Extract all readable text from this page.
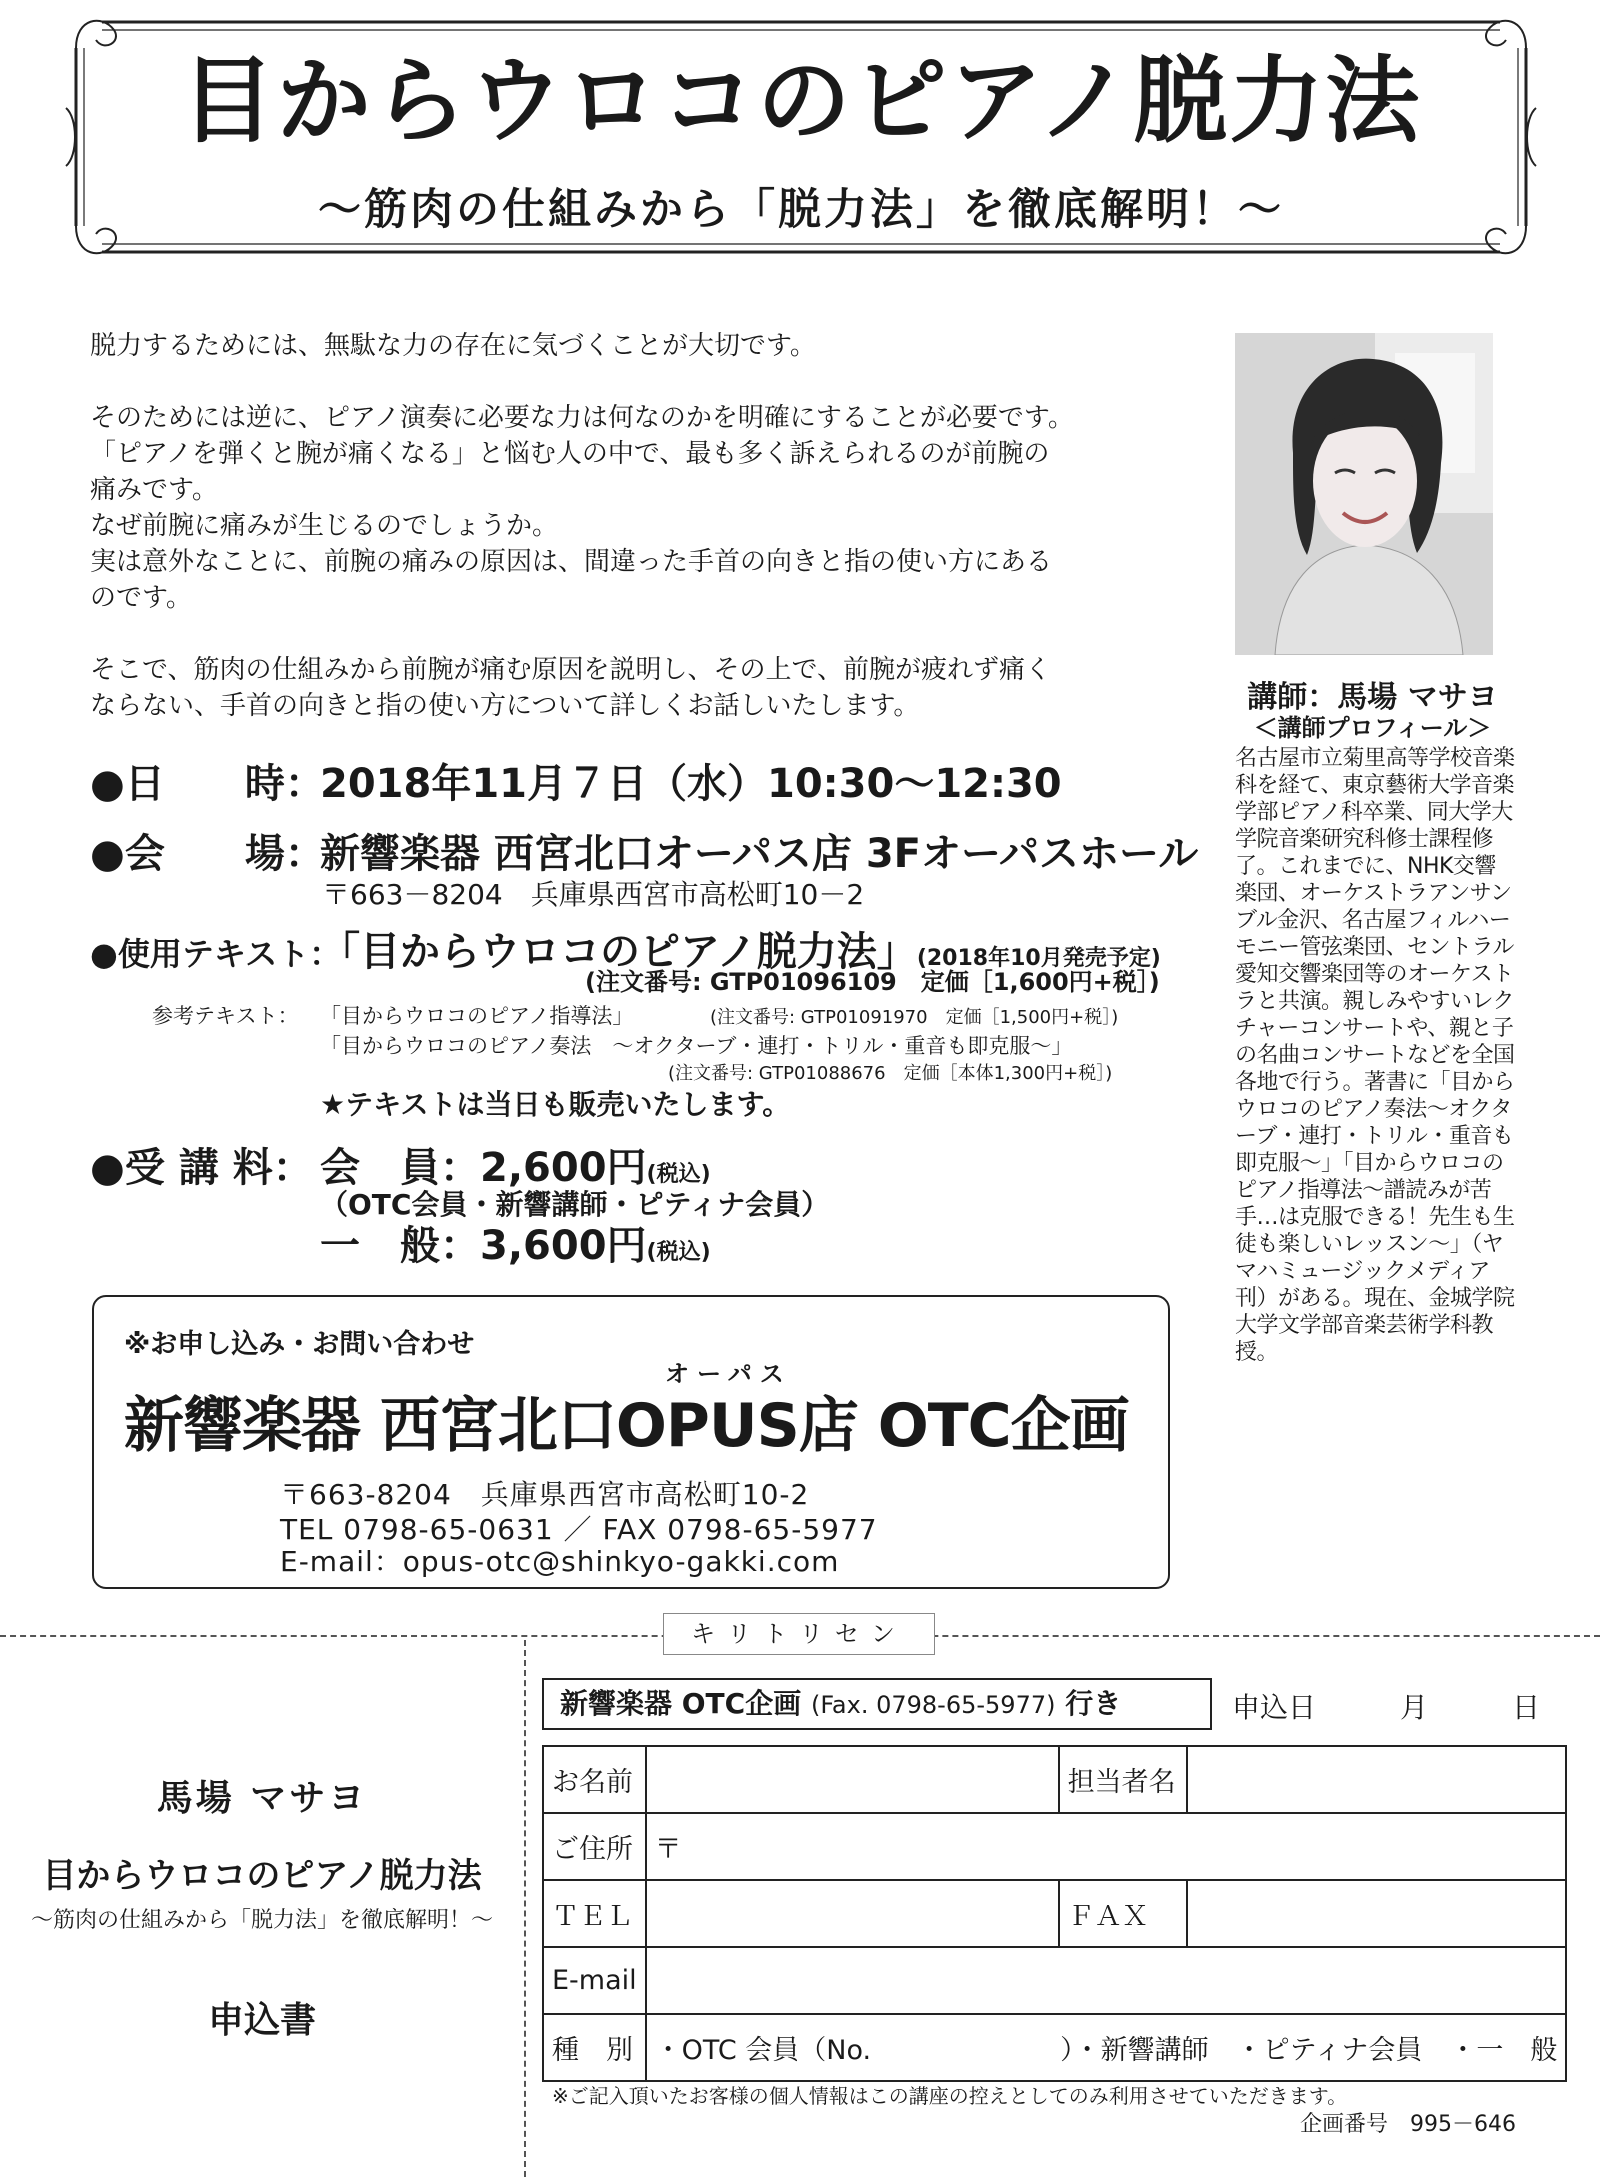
目からウロコのピアノ脱力法
～筋肉の仕組みから「脱力法」を徹底解明！～

脱力するためには、無駄な力の存在に気づくことが大切です。

そのためには逆に、ピアノ演奏に必要な力は何なのかを明確にすることが必要です。
「ピアノを弾くと腕が痛くなる」と悩む人の中で、最も多く訴えられるのが前腕の
痛みです。
なぜ前腕に痛みが生じるのでしょうか。
実は意外なことに、前腕の痛みの原因は、間違った手首の向きと指の使い方にある
のです。

そこで、筋肉の仕組みから前腕が痛む原因を説明し、その上で、前腕が疲れず痛く
ならない、手首の向きと指の使い方について詳しくお話しいたします。

●日　　時：2018年11月７日（水）10:30～12:30
●会　　場：新響楽器 西宮北口オーパス店 3Fオーパスホール
〒663－8204　兵庫県西宮市高松町10－2
●使用テキスト：「目からウロコのピアノ脱力法」(2018年10月発売予定)
(注文番号: GTP01096109　定価［1,600円+税］)
参考テキスト： 「目からウロコのピアノ指導法」	(注文番号: GTP01091970　定価［1,500円+税］)
「目からウロコのピアノ奏法　～オクターブ・連打・トリル・重音も即克服～」
(注文番号: GTP01088676　定価［本体1,300円+税］)
★テキストは当日も販売いたします。
●受 講 料： 会　員：2,600円(税込)
（OTC会員・新響講師・ピティナ会員）
一　般：3,600円(税込)
※お申し込み・お問い合わせ
オーパス
新響楽器 西宮北口OPUS店 OTC企画
〒663-8204　兵庫県西宮市高松町10-2
TEL 0798-65-0631 ／ FAX 0798-65-5977
E-mail：opus-otc@shinkyo-gakki.com
講師：馬場 マサヨ
＜講師プロフィール＞
名古屋市立菊里高等学校音楽科を経て、東京藝術大学音楽学部ピアノ科卒業、同大学大学院音楽研究科修士課程修了。これまでに、NHK交響楽団、オーケストラアンサンブル金沢、名古屋フィルハーモニー管弦楽団、セントラル愛知交響楽団等のオーケストラと共演。親しみやすいレクチャーコンサートや、親と子の名曲コンサートなどを全国各地で行う。著書に「目からウロコのピアノ奏法～オクターブ・連打・トリル・重音も即克服～」「目からウロコのピアノ指導法～譜読みが苦手…は克服できる！先生も生徒も楽しいレッスン～」（ヤマハミュージックメディア刊）がある。現在、金城学院大学文学部音楽芸術学科教授。
キリトリセン
馬場 マサヨ
目からウロコのピアノ脱力法
～筋肉の仕組みから「脱力法」を徹底解明！～
申込書
新響楽器 OTC企画 (Fax. 0798-65-5977) 行き	申込日　　　月　　　日
お名前		担当者名	
ご住所	〒		
ＴＥＬ		ＦＡＸ	
E-mail			
種　別	・OTC 会員（No.　　　　　　　）・新響講師　・ピティナ会員　・一　般		
※ご記入頂いたお客様の個人情報はこの講座の控えとしてのみ利用させていただきます。
企画番号　995－646
